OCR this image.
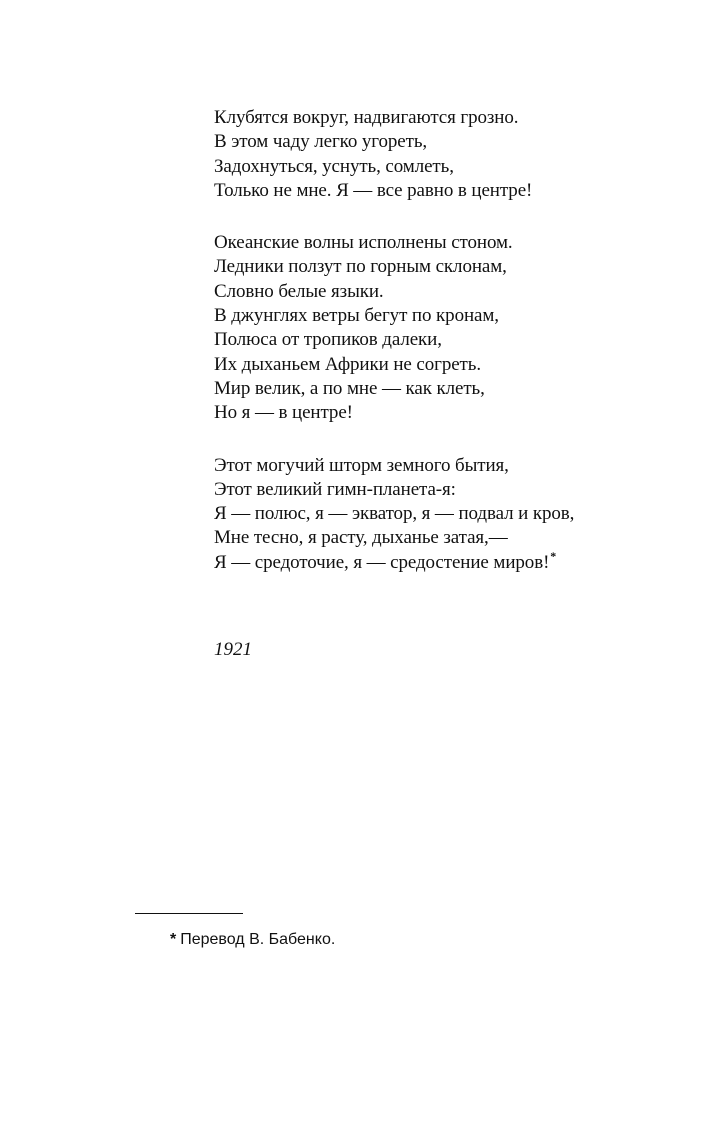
Клубятся вокруг, надвигаются грозно.
В этом чаду легко угореть,
Задохнуться, уснуть, сомлеть,
Только не мне. Я — все равно в центре!
Океанские волны исполнены стоном.
Ледники ползут по горным склонам,
Словно белые языки.
В джунглях ветры бегут по кронам,
Полюса от тропиков далеки,
Их дыханьем Африки не согреть.
Мир велик, а по мне — как клеть,
Но я — в центре!
Этот могучий шторм земного бытия,
Этот великий гимн-планета-я:
Я — полюс, я — экватор, я — подвал и кров,
Мне тесно, я расту, дыханье затая,—
Я — средоточие, я — средостение миров!*
1921
* Перевод В. Бабенко.
